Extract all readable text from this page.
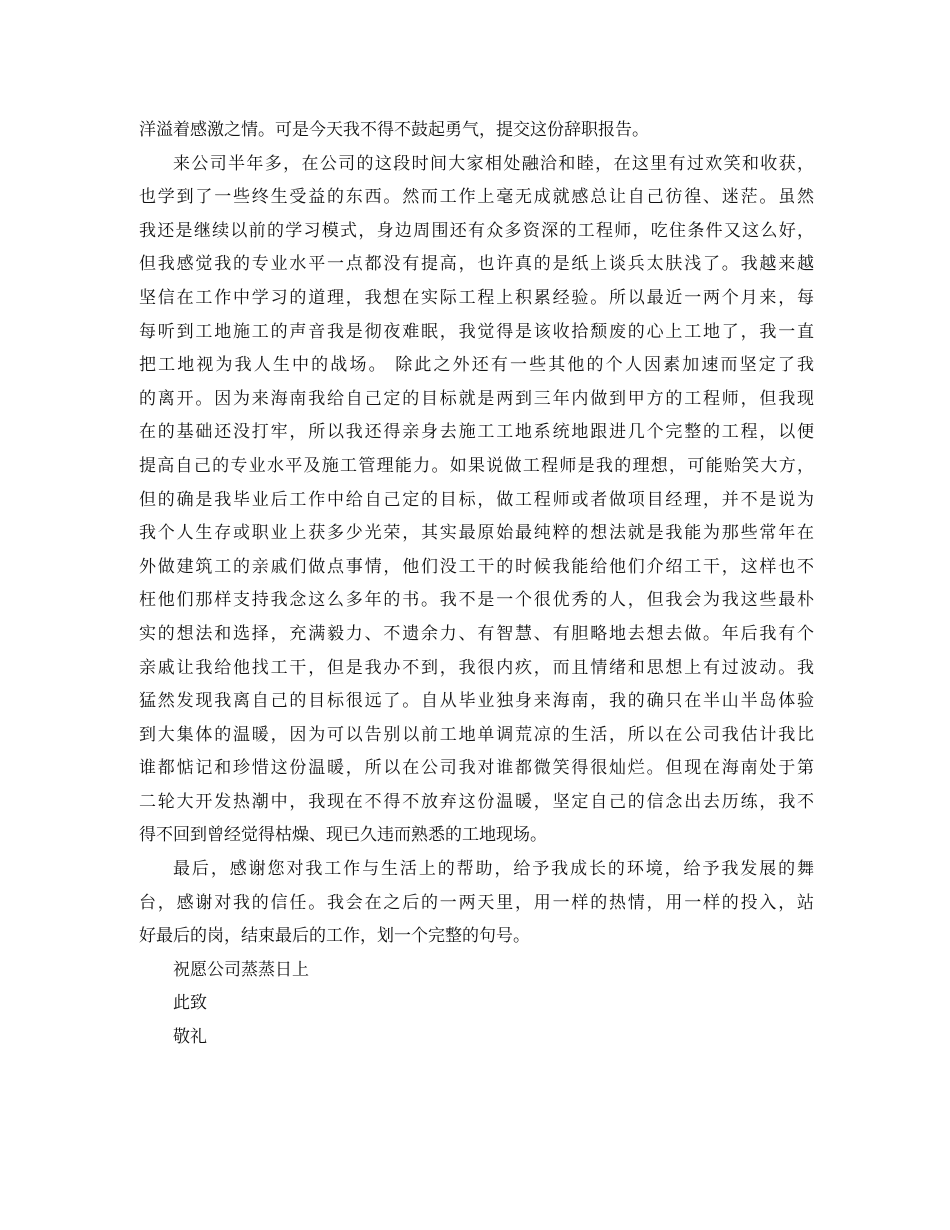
洋溢着感激之情。可是今天我不得不鼓起勇气，提交这份辞职报告。
来公司半年多，在公司的这段时间大家相处融洽和睦，在这里有过欢笑和收获，
也学到了一些终生受益的东西。然而工作上毫无成就感总让自己彷徨、迷茫。虽然
我还是继续以前的学习模式，身边周围还有众多资深的工程师，吃住条件又这么好，
但我感觉我的专业水平一点都没有提高，也许真的是纸上谈兵太肤浅了。我越来越
坚信在工作中学习的道理，我想在实际工程上积累经验。所以最近一两个月来，每
每听到工地施工的声音我是彻夜难眠，我觉得是该收拾颓废的心上工地了，我一直
把工地视为我人生中的战场。 除此之外还有一些其他的个人因素加速而坚定了我
的离开。因为来海南我给自己定的目标就是两到三年内做到甲方的工程师，但我现
在的基础还没打牢，所以我还得亲身去施工工地系统地跟进几个完整的工程，以便
提高自己的专业水平及施工管理能力。如果说做工程师是我的理想，可能贻笑大方，
但的确是我毕业后工作中给自己定的目标，做工程师或者做项目经理，并不是说为
我个人生存或职业上获多少光荣，其实最原始最纯粹的想法就是我能为那些常年在
外做建筑工的亲戚们做点事情，他们没工干的时候我能给他们介绍工干，这样也不
枉他们那样支持我念这么多年的书。我不是一个很优秀的人，但我会为我这些最朴
实的想法和选择，充满毅力、不遗余力、有智慧、有胆略地去想去做。年后我有个
亲戚让我给他找工干，但是我办不到，我很内疚，而且情绪和思想上有过波动。我
猛然发现我离自己的目标很远了。自从毕业独身来海南，我的确只在半山半岛体验
到大集体的温暖，因为可以告别以前工地单调荒凉的生活，所以在公司我估计我比
谁都惦记和珍惜这份温暖，所以在公司我对谁都微笑得很灿烂。但现在海南处于第
二轮大开发热潮中，我现在不得不放弃这份温暖，坚定自己的信念出去历练，我不
得不回到曾经觉得枯燥、现已久违而熟悉的工地现场。
最后，感谢您对我工作与生活上的帮助，给予我成长的环境，给予我发展的舞
台，感谢对我的信任。我会在之后的一两天里，用一样的热情，用一样的投入，站
好最后的岗，结束最后的工作，划一个完整的句号。
祝愿公司蒸蒸日上
此致
敬礼
